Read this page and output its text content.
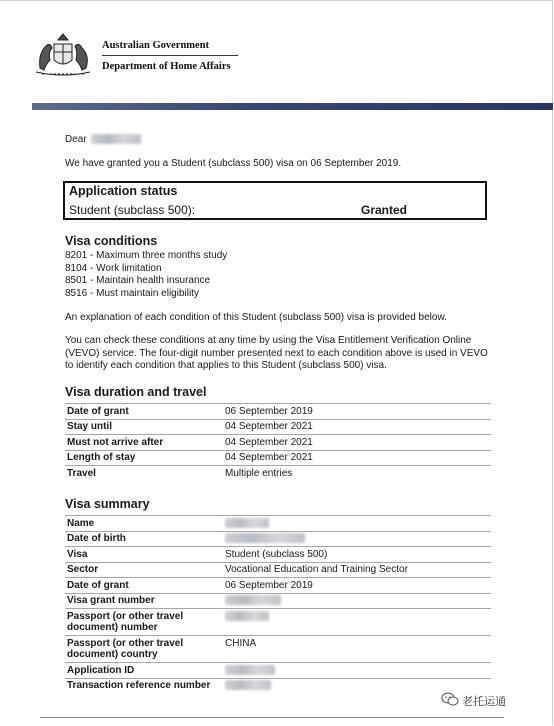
Australian Government
Department of Home Affairs
Dear
We have granted you a Student (subclass 500) visa on 06 September 2019.
Application status
Student (subclass 500):	Granted
Visa conditions
8201 - Maximum three months study
8104 - Work limitation
8501 - Maintain health insurance
8516 - Must maintain eligibility
An explanation of each condition of this Student (subclass 500) visa is provided below.
You can check these conditions at any time by using the Visa Entitlement Verification Online (VEVO) service. The four-digit number presented next to each condition above is used in VEVO to identify each condition that applies to this Student (subclass 500) visa.
Visa duration and travel
Date of grant	06 September 2019
Stay until	04 September 2021
Must not arrive after	04 September 2021
Length of stay	04 September 2021
Travel	Multiple entries
Visa summary
Name	
Date of birth	
Visa	Student (subclass 500)
Sector	Vocational Education and Training Sector
Date of grant	06 September 2019
Visa grant number	
Passport (or other travel document) number	
Passport (or other travel document) country	CHINA
Application ID	
Transaction reference number	
老托运通
